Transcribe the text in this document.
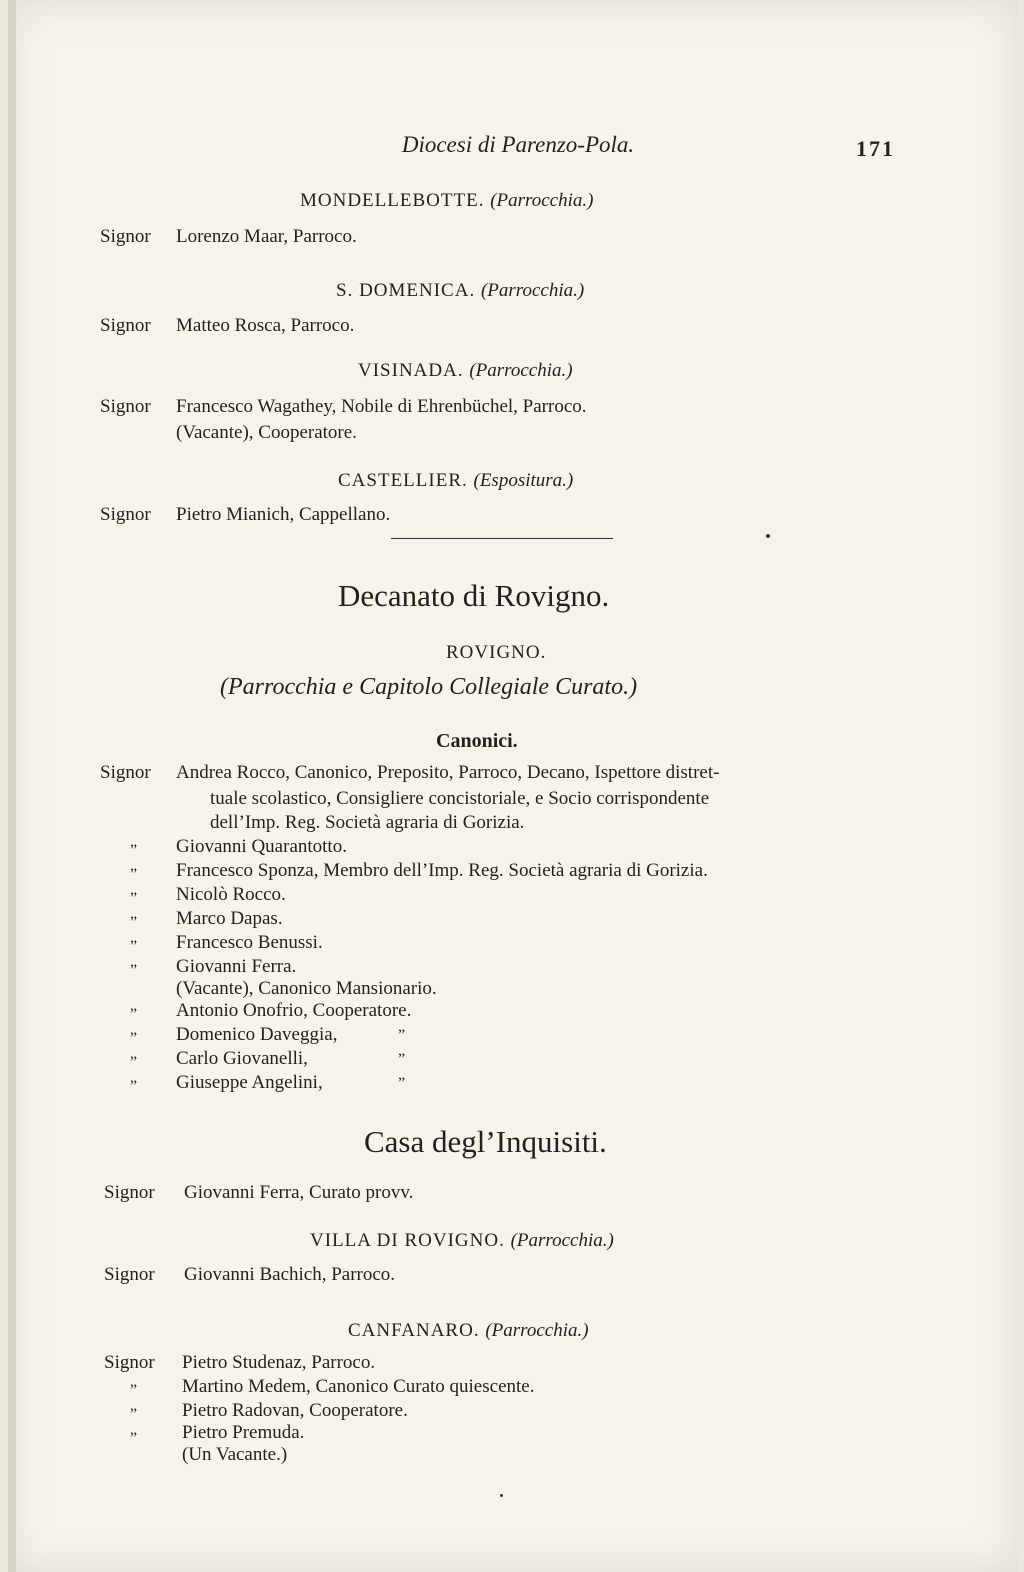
Diocesi di Parenzo-Pola.	171
MONDELLEBOTTE. (Parrocchia.)
Signor Lorenzo Maar, Parroco.
S. DOMENICA. (Parrocchia.)
Signor Matteo Rosca, Parroco.
VISINADA. (Parrocchia.)
Signor Francesco Wagathey, Nobile di Ehrenbüchel, Parroco.
(Vacante), Cooperatore.
CASTELLIER. (Espositura.)
Signor Pietro Mianich, Cappellano.
Decanato di Rovigno.
ROVIGNO.
(Parrocchia e Capitolo Collegiale Curato.)
Canonici.
Signor Andrea Rocco, Canonico, Preposito, Parroco, Decano, Ispettore distret-
tuale scolastico, Consigliere concistoriale, e Socio corrispondente
dell’Imp. Reg. Società agraria di Gorizia.
” Giovanni Quarantotto.
” Francesco Sponza, Membro dell’Imp. Reg. Società agraria di Gorizia.
” Nicolò Rocco.
” Marco Dapas.
” Francesco Benussi.
” Giovanni Ferra.
(Vacante), Canonico Mansionario.
” Antonio Onofrio, Cooperatore.
” Domenico Daveggia,	”
” Carlo Giovanelli,	”
” Giuseppe Angelini,	”
Casa degl’Inquisiti.
Signor Giovanni Ferra, Curato provv.
VILLA DI ROVIGNO. (Parrocchia.)
Signor Giovanni Bachich, Parroco.
CANFANARO. (Parrocchia.)
Signor Pietro Studenaz, Parroco.
” Martino Medem, Canonico Curato quiescente.
” Pietro Radovan, Cooperatore.
” Pietro Premuda.
(Un Vacante.)
